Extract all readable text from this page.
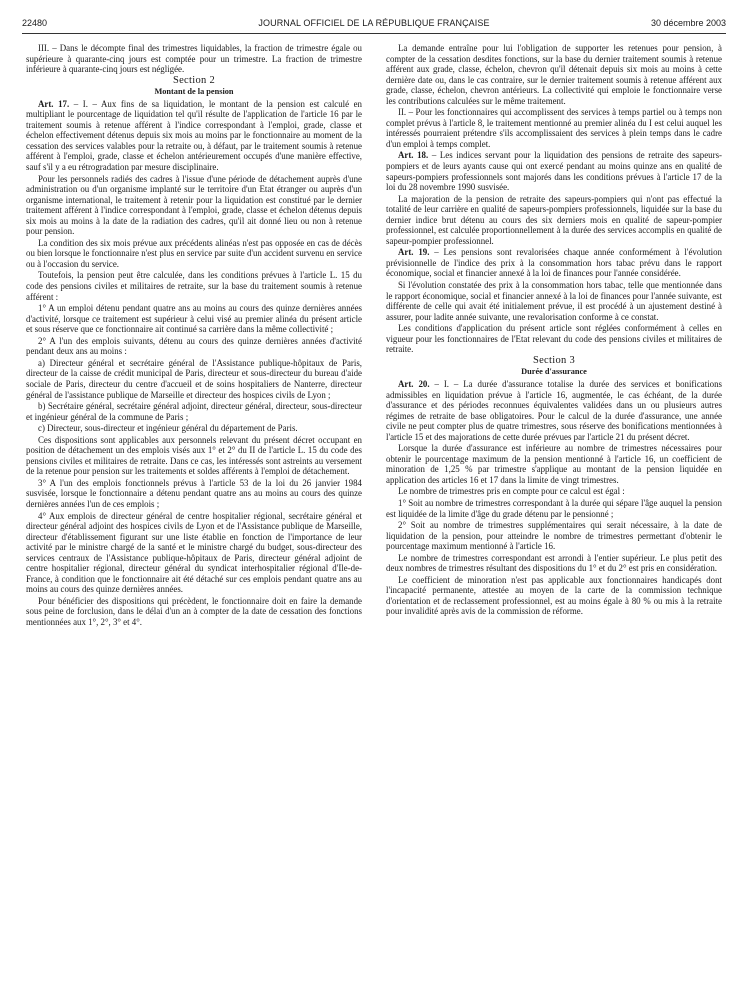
22480	JOURNAL OFFICIEL DE LA RÉPUBLIQUE FRANÇAISE	30 décembre 2003

III. – Dans le décompte final des trimestres liquidables, la fraction de trimestre égale ou supérieure à quarante-cinq jours est comptée pour un trimestre. La fraction de trimestre inférieure à quarante-cinq jours est négligée.

Section 2

Montant de la pension

Art. 17. – I. – Aux fins de sa liquidation, le montant de la pension est calculé en multipliant le pourcentage de liquidation tel qu'il résulte de l'application de l'article 16 par le traitement soumis à retenue afférent à l'indice correspondant à l'emploi, grade, classe et échelon effectivement détenus depuis six mois au moins par le fonctionnaire au moment de la cessation des services valables pour la retraite ou, à défaut, par le traitement soumis à retenue afférent à l'emploi, grade, classe et échelon antérieurement occupés d'une manière effective, sauf s'il y a eu rétrogradation par mesure disciplinaire.

Pour les personnels radiés des cadres à l'issue d'une période de détachement auprès d'une administration ou d'un organisme implanté sur le territoire d'un Etat étranger ou auprès d'un organisme international, le traitement à retenir pour la liquidation est constitué par le dernier traitement afférent à l'indice correspondant à l'emploi, grade, classe et échelon détenus depuis six mois au moins à la date de la radiation des cadres, qu'il ait donné lieu ou non à retenue pour pension.

La condition des six mois prévue aux précédents alinéas n'est pas opposée en cas de décès ou bien lorsque le fonctionnaire n'est plus en service par suite d'un accident survenu en service ou à l'occasion du service.

Toutefois, la pension peut être calculée, dans les conditions prévues à l'article L. 15 du code des pensions civiles et militaires de retraite, sur la base du traitement soumis à retenue afférent :

1° A un emploi détenu pendant quatre ans au moins au cours des quinze dernières années d'activité, lorsque ce traitement est supérieur à celui visé au premier alinéa du présent article et sous réserve que ce fonctionnaire ait continué sa carrière dans la même collectivité ;

2° A l'un des emplois suivants, détenu au cours des quinze dernières années d'activité pendant deux ans au moins :

a) Directeur général et secrétaire général de l'Assistance publique-hôpitaux de Paris, directeur de la caisse de crédit municipal de Paris, directeur et sous-directeur du bureau d'aide sociale de Paris, directeur du centre d'accueil et de soins hospitaliers de Nanterre, directeur général de l'assistance publique de Marseille et directeur des hospices civils de Lyon ;

b) Secrétaire général, secrétaire général adjoint, directeur général, directeur, sous-directeur et ingénieur général de la commune de Paris ;

c) Directeur, sous-directeur et ingénieur général du département de Paris.

Ces dispositions sont applicables aux personnels relevant du présent décret occupant en position de détachement un des emplois visés aux 1° et 2° du II de l'article L. 15 du code des pensions civiles et militaires de retraite. Dans ce cas, les intéressés sont astreints au versement de la retenue pour pension sur les traitements et soldes afférents à l'emploi de détachement.

3° A l'un des emplois fonctionnels prévus à l'article 53 de la loi du 26 janvier 1984 susvisée, lorsque le fonctionnaire a détenu pendant quatre ans au moins au cours des quinze dernières années l'un de ces emplois ;

4° Aux emplois de directeur général de centre hospitalier régional, secrétaire général et directeur général adjoint des hospices civils de Lyon et de l'Assistance publique de Marseille, directeur d'établissement figurant sur une liste établie en fonction de l'importance de leur activité par le ministre chargé de la santé et le ministre chargé du budget, sous-directeur des services centraux de l'Assistance publique-hôpitaux de Paris, directeur général adjoint de centre hospitalier régional, directeur général du syndicat interhospitalier régional d'Ile-de-France, à condition que le fonctionnaire ait été détaché sur ces emplois pendant quatre ans au moins au cours des quinze dernières années.

Pour bénéficier des dispositions qui précèdent, le fonctionnaire doit en faire la demande sous peine de forclusion, dans le délai d'un an à compter de la date de cessation des fonctions mentionnées aux 1°, 2°, 3° et 4°.

La demande entraîne pour lui l'obligation de supporter les retenues pour pension, à compter de la cessation desdites fonctions, sur la base du dernier traitement soumis à retenue afférent aux grade, classe, échelon, chevron qu'il détenait depuis six mois au moins à cette dernière date ou, dans le cas contraire, sur le dernier traitement soumis à retenue afférent aux grade, classe, échelon, chevron antérieurs. La collectivité qui emploie le fonctionnaire verse les contributions calculées sur le même traitement.

II. – Pour les fonctionnaires qui accomplissent des services à temps partiel ou à temps non complet prévus à l'article 8, le traitement mentionné au premier alinéa du I est celui auquel les intéressés pourraient prétendre s'ils accomplissaient des services à plein temps dans le cadre d'un emploi à temps complet.

Art. 18. – Les indices servant pour la liquidation des pensions de retraite des sapeurs-pompiers et de leurs ayants cause qui ont exercé pendant au moins quinze ans en qualité de sapeurs-pompiers professionnels sont majorés dans les conditions prévues à l'article 17 de la loi du 28 novembre 1990 susvisée.

La majoration de la pension de retraite des sapeurs-pompiers qui n'ont pas effectué la totalité de leur carrière en qualité de sapeurs-pompiers professionnels, liquidée sur la base du dernier indice brut détenu au cours des six derniers mois en qualité de sapeur-pompier professionnel, est calculée proportionnellement à la durée des services accomplis en qualité de sapeur-pompier professionnel.

Art. 19. – Les pensions sont revalorisées chaque année conformément à l'évolution prévisionnelle de l'indice des prix à la consommation hors tabac prévu dans le rapport économique, social et financier annexé à la loi de finances pour l'année considérée.

Si l'évolution constatée des prix à la consommation hors tabac, telle que mentionnée dans le rapport économique, social et financier annexé à la loi de finances pour l'année suivante, est différente de celle qui avait été initialement prévue, il est procédé à un ajustement destiné à assurer, pour ladite année suivante, une revalorisation conforme à ce constat.

Les conditions d'application du présent article sont réglées conformément à celles en vigueur pour les fonctionnaires de l'Etat relevant du code des pensions civiles et militaires de retraite.

Section 3

Durée d'assurance

Art. 20. – I. – La durée d'assurance totalise la durée des services et bonifications admissibles en liquidation prévue à l'article 16, augmentée, le cas échéant, de la durée d'assurance et des périodes reconnues équivalentes validées dans un ou plusieurs autres régimes de retraite de base obligatoires. Pour le calcul de la durée d'assurance, une année civile ne peut compter plus de quatre trimestres, sous réserve des bonifications mentionnées à l'article 15 et des majorations de cette durée prévues par l'article 21 du présent décret.

Lorsque la durée d'assurance est inférieure au nombre de trimestres nécessaires pour obtenir le pourcentage maximum de la pension mentionné à l'article 16, un coefficient de minoration de 1,25 % par trimestre s'applique au montant de la pension liquidée en application des articles 16 et 17 dans la limite de vingt trimestres.

Le nombre de trimestres pris en compte pour ce calcul est égal :

1° Soit au nombre de trimestres correspondant à la durée qui sépare l'âge auquel la pension est liquidée de la limite d'âge du grade détenu par le pensionné ;

2° Soit au nombre de trimestres supplémentaires qui serait nécessaire, à la date de liquidation de la pension, pour atteindre le nombre de trimestres permettant d'obtenir le pourcentage maximum mentionné à l'article 16.

Le nombre de trimestres correspondant est arrondi à l'entier supérieur. Le plus petit des deux nombres de trimestres résultant des dispositions du 1° et du 2° est pris en considération.

Le coefficient de minoration n'est pas applicable aux fonctionnaires handicapés dont l'incapacité permanente, attestée au moyen de la carte de la commission technique d'orientation et de reclassement professionnel, est au moins égale à 80 % ou mis à la retraite pour invalidité après avis de la commission de réforme.
